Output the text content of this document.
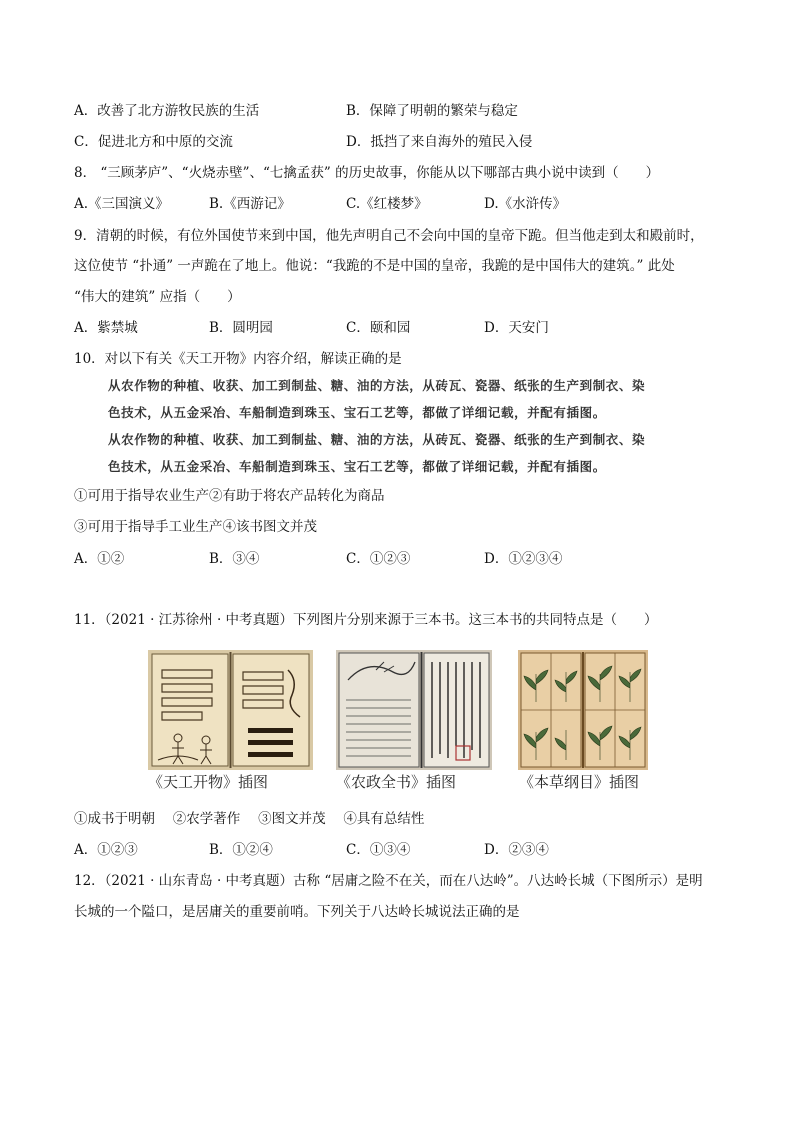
A．改善了北方游牧民族的生活	B．保障了明朝的繁荣与稳定
C．促进北方和中原的交流	D．抵挡了来自海外的殖民入侵
8． “三顾茅庐”、“火烧赤壁”、“七擒孟获” 的历史故事，你能从以下哪部古典小说中读到（　　）
A.《三国演义》	B.《西游记》	C.《红楼梦》	D.《水浒传》
9．清朝的时候，有位外国使节来到中国，他先声明自己不会向中国的皇帝下跪。但当他走到太和殿前时，
这位使节 “扑通” 一声跪在了地上。他说：“我跪的不是中国的皇帝，我跪的是中国伟大的建筑。” 此处
“伟大的建筑” 应指（　　）
A．紫禁城	B．圆明园	C．颐和园	D．天安门
10．对以下有关《天工开物》内容介绍，解读正确的是
从农作物的种植、收获、加工到制盐、糖、油的方法，从砖瓦、瓷器、纸张的生产到制衣、染
色技术，从五金采冶、车船制造到珠玉、宝石工艺等，都做了详细记载，并配有插图。
从农作物的种植、收获、加工到制盐、糖、油的方法，从砖瓦、瓷器、纸张的生产到制衣、染
色技术，从五金采冶、车船制造到珠玉、宝石工艺等，都做了详细记载，并配有插图。
①可用于指导农业生产②有助于将农产品转化为商品
③可用于指导手工业生产④该书图文并茂
A．①②	B．③④	C．①②③	D．①②③④
11．（2021 · 江苏徐州 · 中考真题）下列图片分别来源于三本书。这三本书的共同特点是（　　）
《天工开物》插图	《农政全书》插图	《本草纲目》插图
①成书于明朝　 ②农学著作　 ③图文并茂　 ④具有总结性
A．①②③	B．①②④	C．①③④	D．②③④
12．（2021 · 山东青岛 · 中考真题）古称 “居庸之险不在关，而在八达岭”。八达岭长城（下图所示）是明
长城的一个隘口，是居庸关的重要前哨。下列关于八达岭长城说法正确的是
